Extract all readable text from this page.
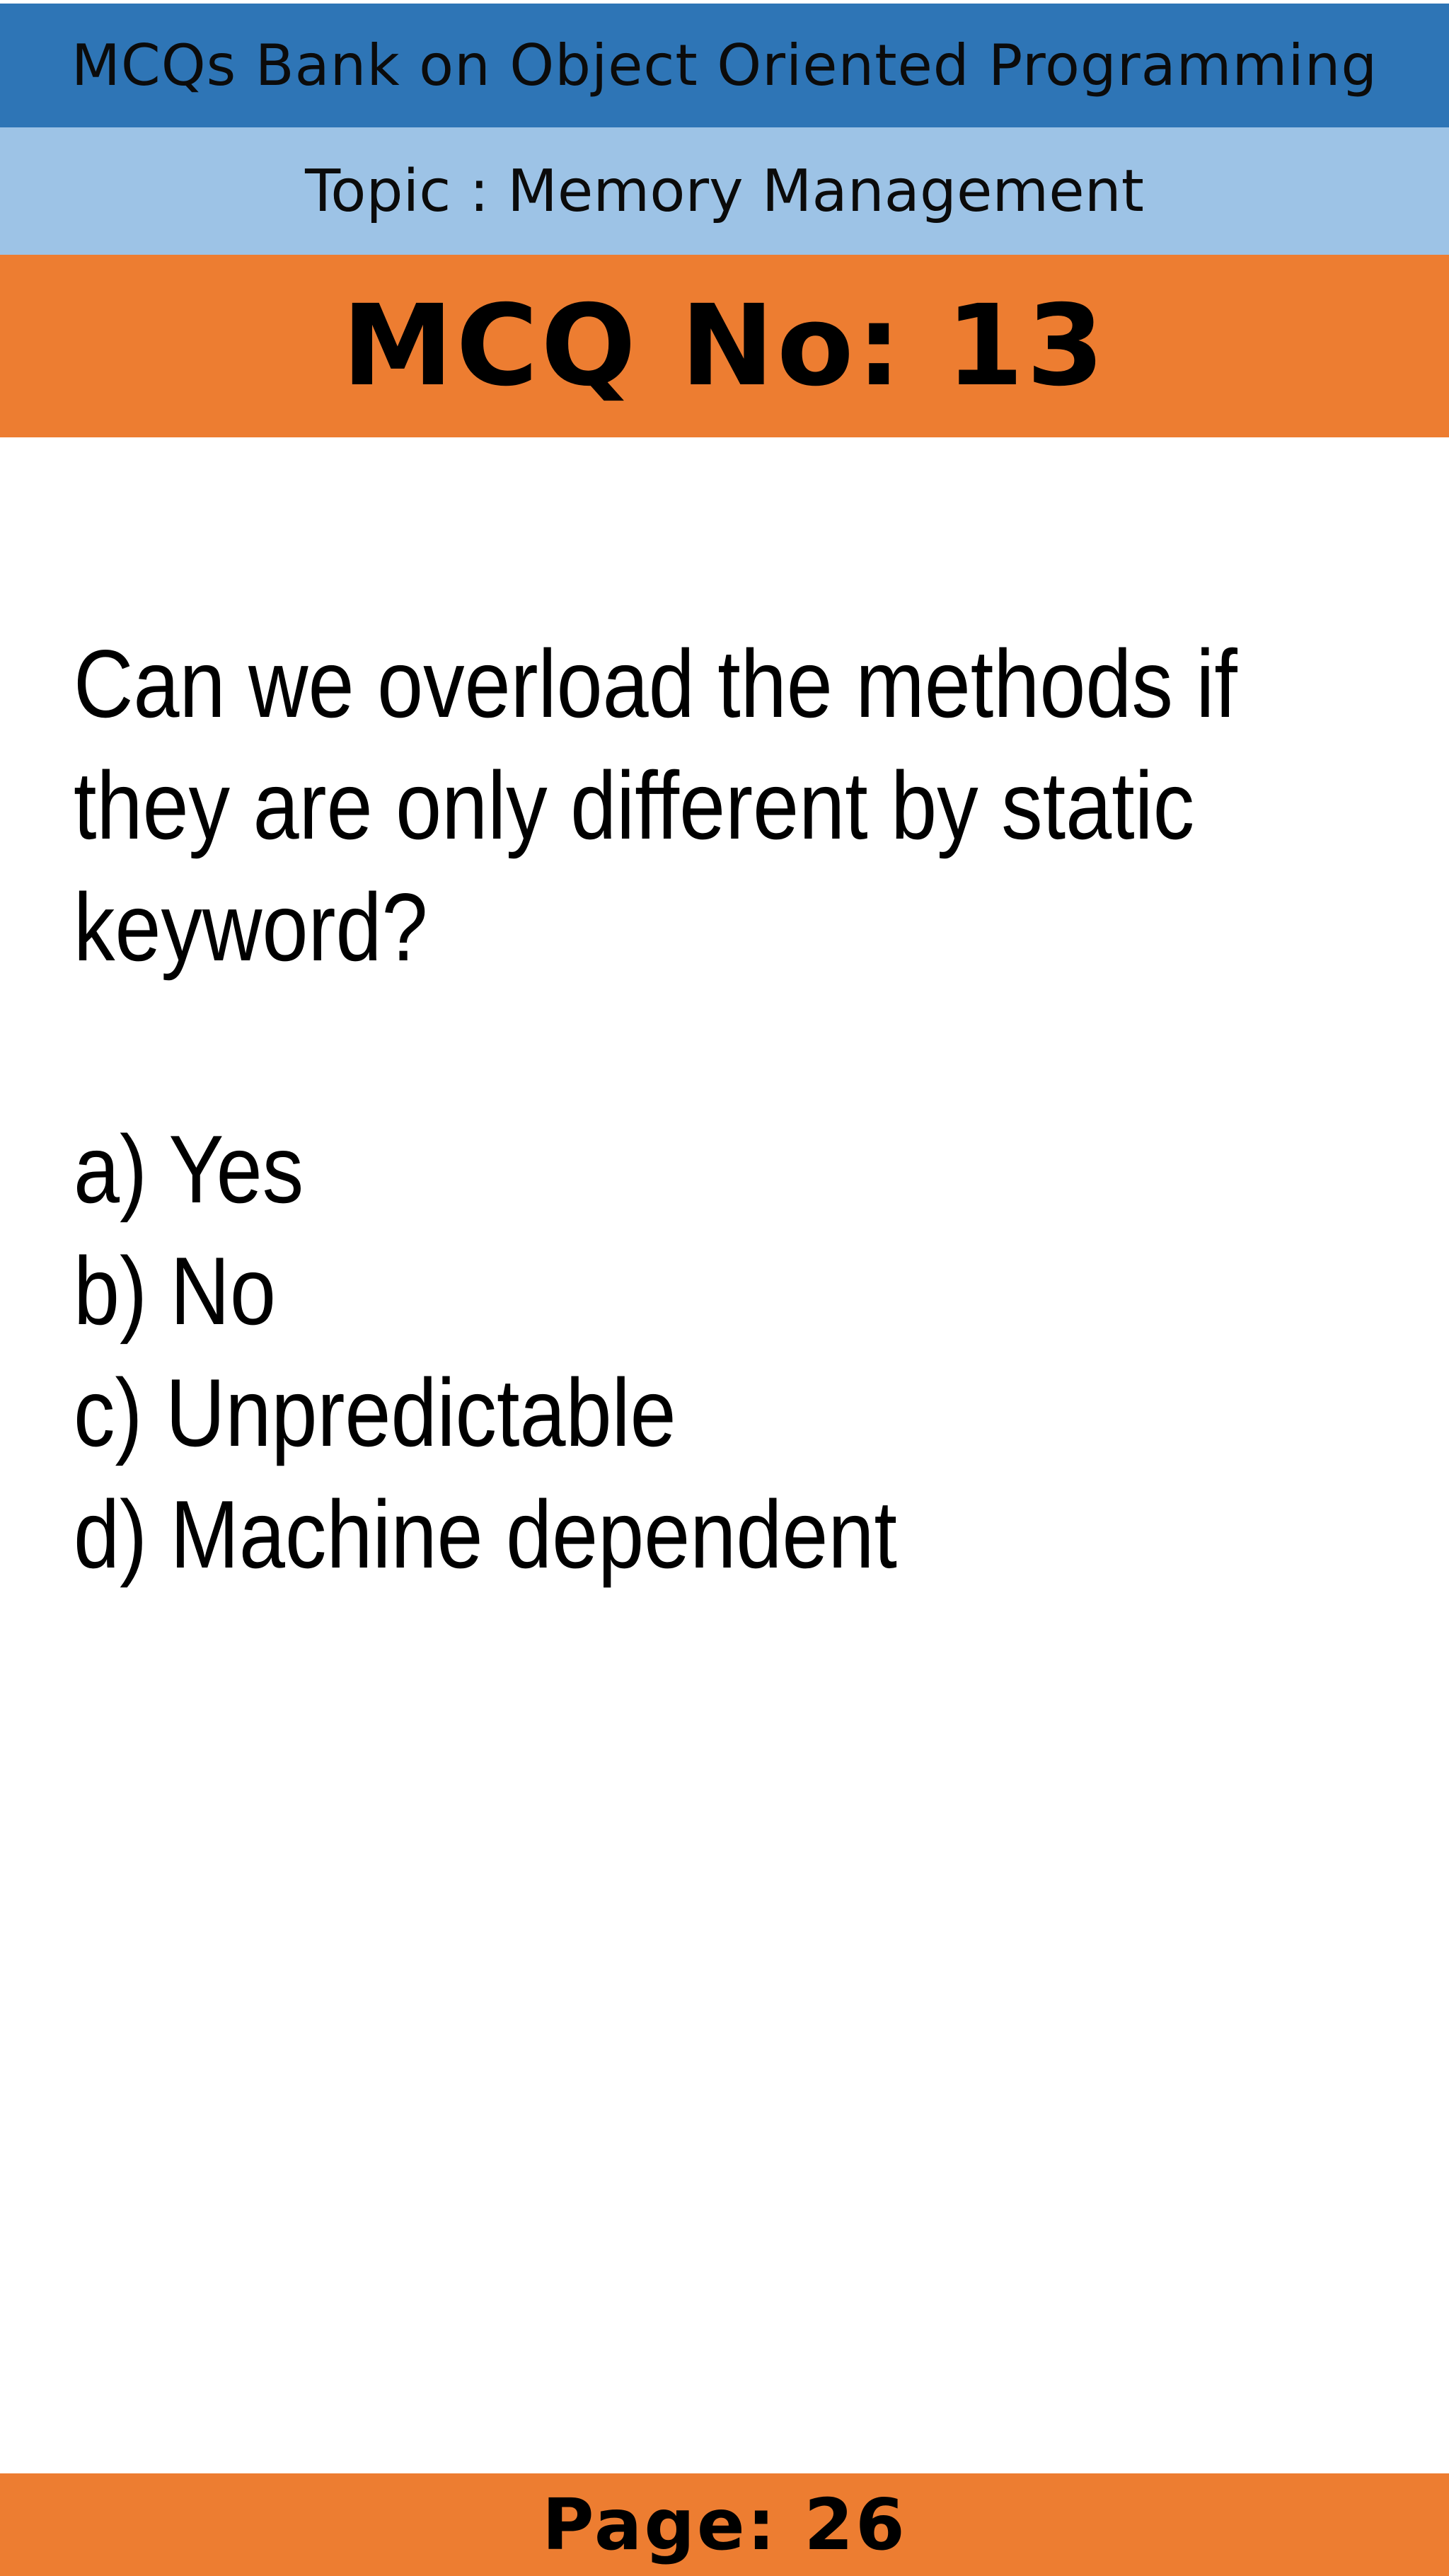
MCQs Bank on Object Oriented Programming
Topic : Memory Management
MCQ No: 13

Can we overload the methods if they are only different by static keyword?

a) Yes
b) No
c) Unpredictable
d) Machine dependent
Page: 26
